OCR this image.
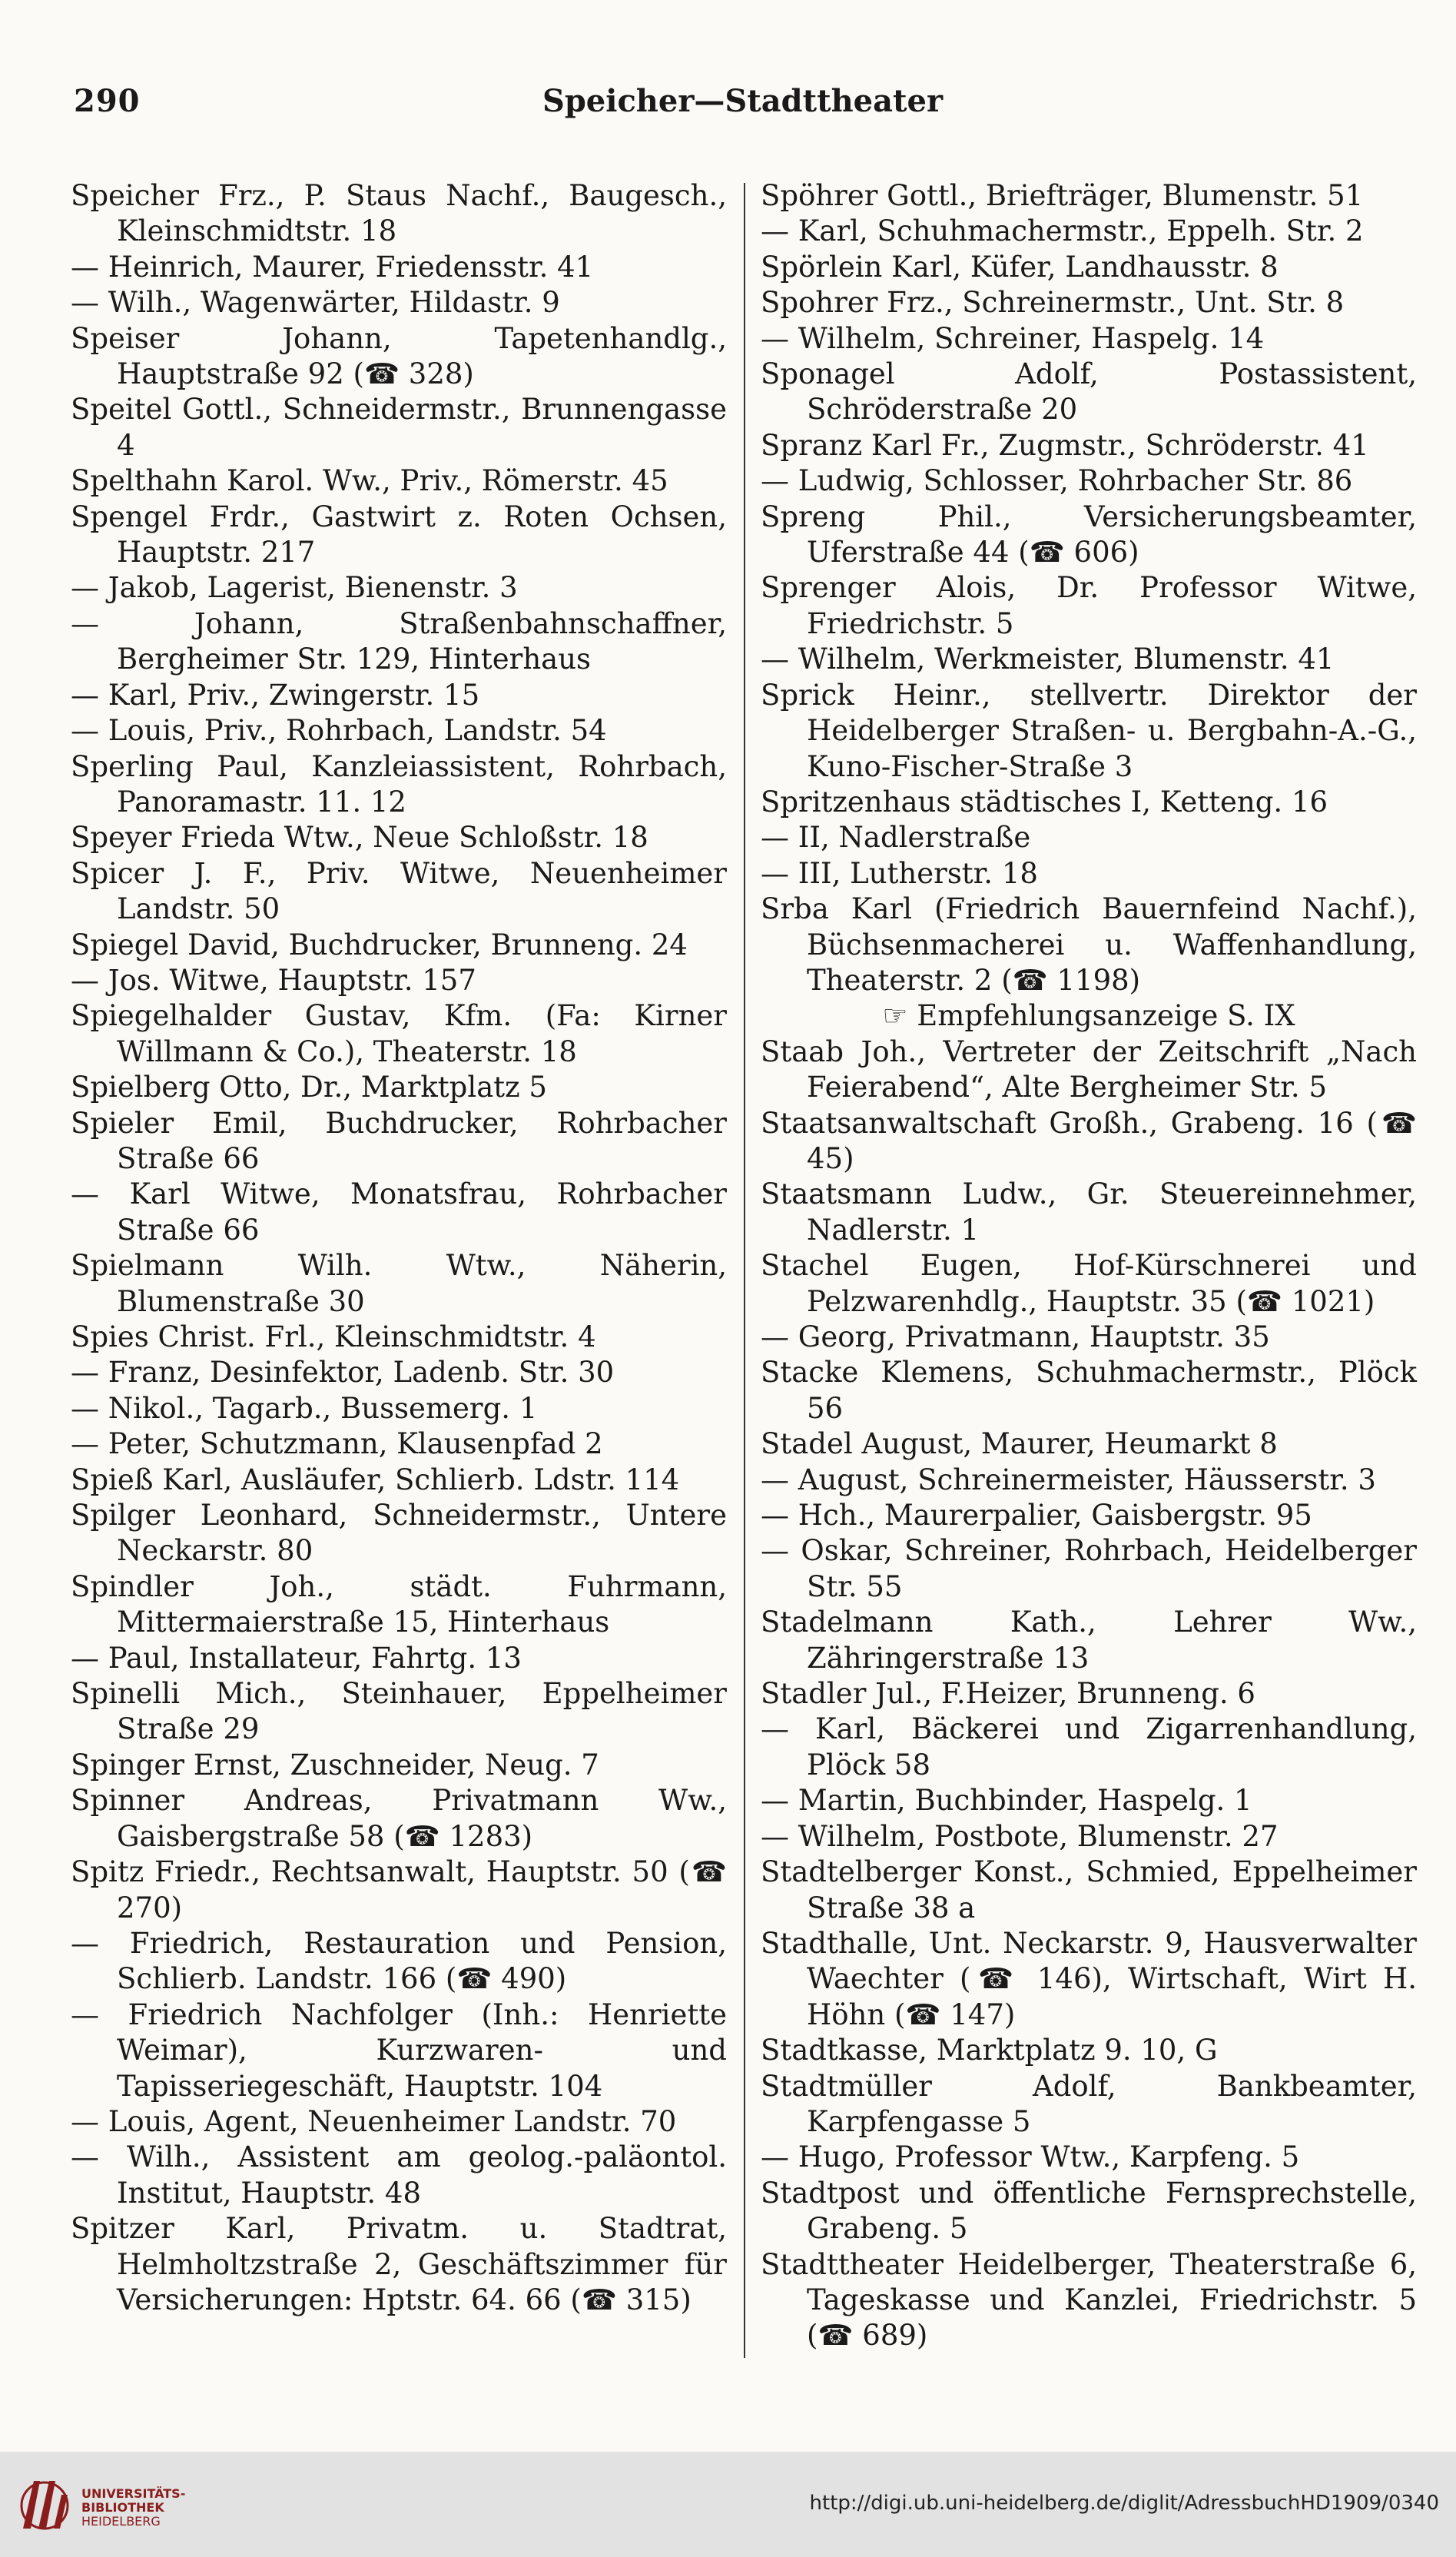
290	Speicher—Stadttheater

Speicher Frz., P. Staus Nachf., Baugesch., Kleinschmidtstr. 18

— Heinrich, Maurer, Friedensstr. 41

— Wilh., Wagenwärter, Hildastr. 9

Speiser Johann, Tapetenhandlg., Hauptstraße 92 (☎ 328)

Speitel Gottl., Schneidermstr., Brunnengasse 4

Spelthahn Karol. Ww., Priv., Römerstr. 45

Spengel Frdr., Gastwirt z. Roten Ochsen, Hauptstr. 217

— Jakob, Lagerist, Bienenstr. 3

— Johann, Straßenbahnschaffner, Bergheimer Str. 129, Hinterhaus

— Karl, Priv., Zwingerstr. 15

— Louis, Priv., Rohrbach, Landstr. 54

Sperling Paul, Kanzleiassistent, Rohrbach, Panoramastr. 11. 12

Speyer Frieda Wtw., Neue Schloßstr. 18

Spicer J. F., Priv. Witwe, Neuenheimer Landstr. 50

Spiegel David, Buchdrucker, Brunneng. 24

— Jos. Witwe, Hauptstr. 157

Spiegelhalder Gustav, Kfm. (Fa: Kirner Willmann & Co.), Theaterstr. 18

Spielberg Otto, Dr., Marktplatz 5

Spieler Emil, Buchdrucker, Rohrbacher Straße 66

— Karl Witwe, Monatsfrau, Rohrbacher Straße 66

Spielmann Wilh. Wtw., Näherin, Blumenstraße 30

Spies Christ. Frl., Kleinschmidtstr. 4

— Franz, Desinfektor, Ladenb. Str. 30

— Nikol., Tagarb., Bussemerg. 1

— Peter, Schutzmann, Klausenpfad 2

Spieß Karl, Ausläufer, Schlierb. Ldstr. 114

Spilger Leonhard, Schneidermstr., Untere Neckarstr. 80

Spindler Joh., städt. Fuhrmann, Mittermaierstraße 15, Hinterhaus

— Paul, Installateur, Fahrtg. 13

Spinelli Mich., Steinhauer, Eppelheimer Straße 29

Spinger Ernst, Zuschneider, Neug. 7

Spinner Andreas, Privatmann Ww., Gaisbergstraße 58 (☎ 1283)

Spitz Friedr., Rechtsanwalt, Hauptstr. 50 (☎ 270)

— Friedrich, Restauration und Pension, Schlierb. Landstr. 166 (☎ 490)

— Friedrich Nachfolger (Inh.: Henriette Weimar), Kurzwaren- und Tapisseriegeschäft, Hauptstr. 104

— Louis, Agent, Neuenheimer Landstr. 70

— Wilh., Assistent am geolog.-paläontol. Institut, Hauptstr. 48

Spitzer Karl, Privatm. u. Stadtrat, Helmholtzstraße 2, Geschäftszimmer für Versicherungen: Hptstr. 64. 66 (☎ 315)

Spöhrer Gottl., Briefträger, Blumenstr. 51

— Karl, Schuhmachermstr., Eppelh. Str. 2

Spörlein Karl, Küfer, Landhausstr. 8

Spohrer Frz., Schreinermstr., Unt. Str. 8

— Wilhelm, Schreiner, Haspelg. 14

Sponagel Adolf, Postassistent, Schröderstraße 20

Spranz Karl Fr., Zugmstr., Schröderstr. 41

— Ludwig, Schlosser, Rohrbacher Str. 86

Spreng Phil., Versicherungsbeamter, Uferstraße 44 (☎ 606)

Sprenger Alois, Dr. Professor Witwe, Friedrichstr. 5

— Wilhelm, Werkmeister, Blumenstr. 41

Sprick Heinr., stellvertr. Direktor der Heidelberger Straßen- u. Bergbahn-A.-G., Kuno-Fischer-Straße 3

Spritzenhaus städtisches I, Ketteng. 16

— II, Nadlerstraße

— III, Lutherstr. 18

Srba Karl (Friedrich Bauernfeind Nachf.), Büchsenmacherei u. Waffenhandlung, Theaterstr. 2 (☎ 1198)

☞ Empfehlungsanzeige S. IX

Staab Joh., Vertreter der Zeitschrift „Nach Feierabend“, Alte Bergheimer Str. 5

Staatsanwaltschaft Großh., Grabeng. 16 (☎ 45)

Staatsmann Ludw., Gr. Steuereinnehmer, Nadlerstr. 1

Stachel Eugen, Hof-Kürschnerei und Pelzwarenhdlg., Hauptstr. 35 (☎ 1021)

— Georg, Privatmann, Hauptstr. 35

Stacke Klemens, Schuhmachermstr., Plöck 56

Stadel August, Maurer, Heumarkt 8

— August, Schreinermeister, Häusserstr. 3

— Hch., Maurerpalier, Gaisbergstr. 95

— Oskar, Schreiner, Rohrbach, Heidelberger Str. 55

Stadelmann Kath., Lehrer Ww., Zähringerstraße 13

Stadler Jul., F.Heizer, Brunneng. 6

— Karl, Bäckerei und Zigarrenhandlung, Plöck 58

— Martin, Buchbinder, Haspelg. 1

— Wilhelm, Postbote, Blumenstr. 27

Stadtelberger Konst., Schmied, Eppelheimer Straße 38 a

Stadthalle, Unt. Neckarstr. 9, Hausverwalter Waechter (☎ 146), Wirtschaft, Wirt H. Höhn (☎ 147)

Stadtkasse, Marktplatz 9. 10, G

Stadtmüller Adolf, Bankbeamter, Karpfengasse 5

— Hugo, Professor Wtw., Karpfeng. 5

Stadtpost und öffentliche Fernsprechstelle, Grabeng. 5

Stadttheater Heidelberger, Theaterstraße 6, Tageskasse und Kanzlei, Friedrichstr. 5 (☎ 689)

UNIVERSITÄTS-
BIBLIOTHEK
HEIDELBERG
http://digi.ub.uni-heidelberg.de/diglit/AdressbuchHD1909/0340
